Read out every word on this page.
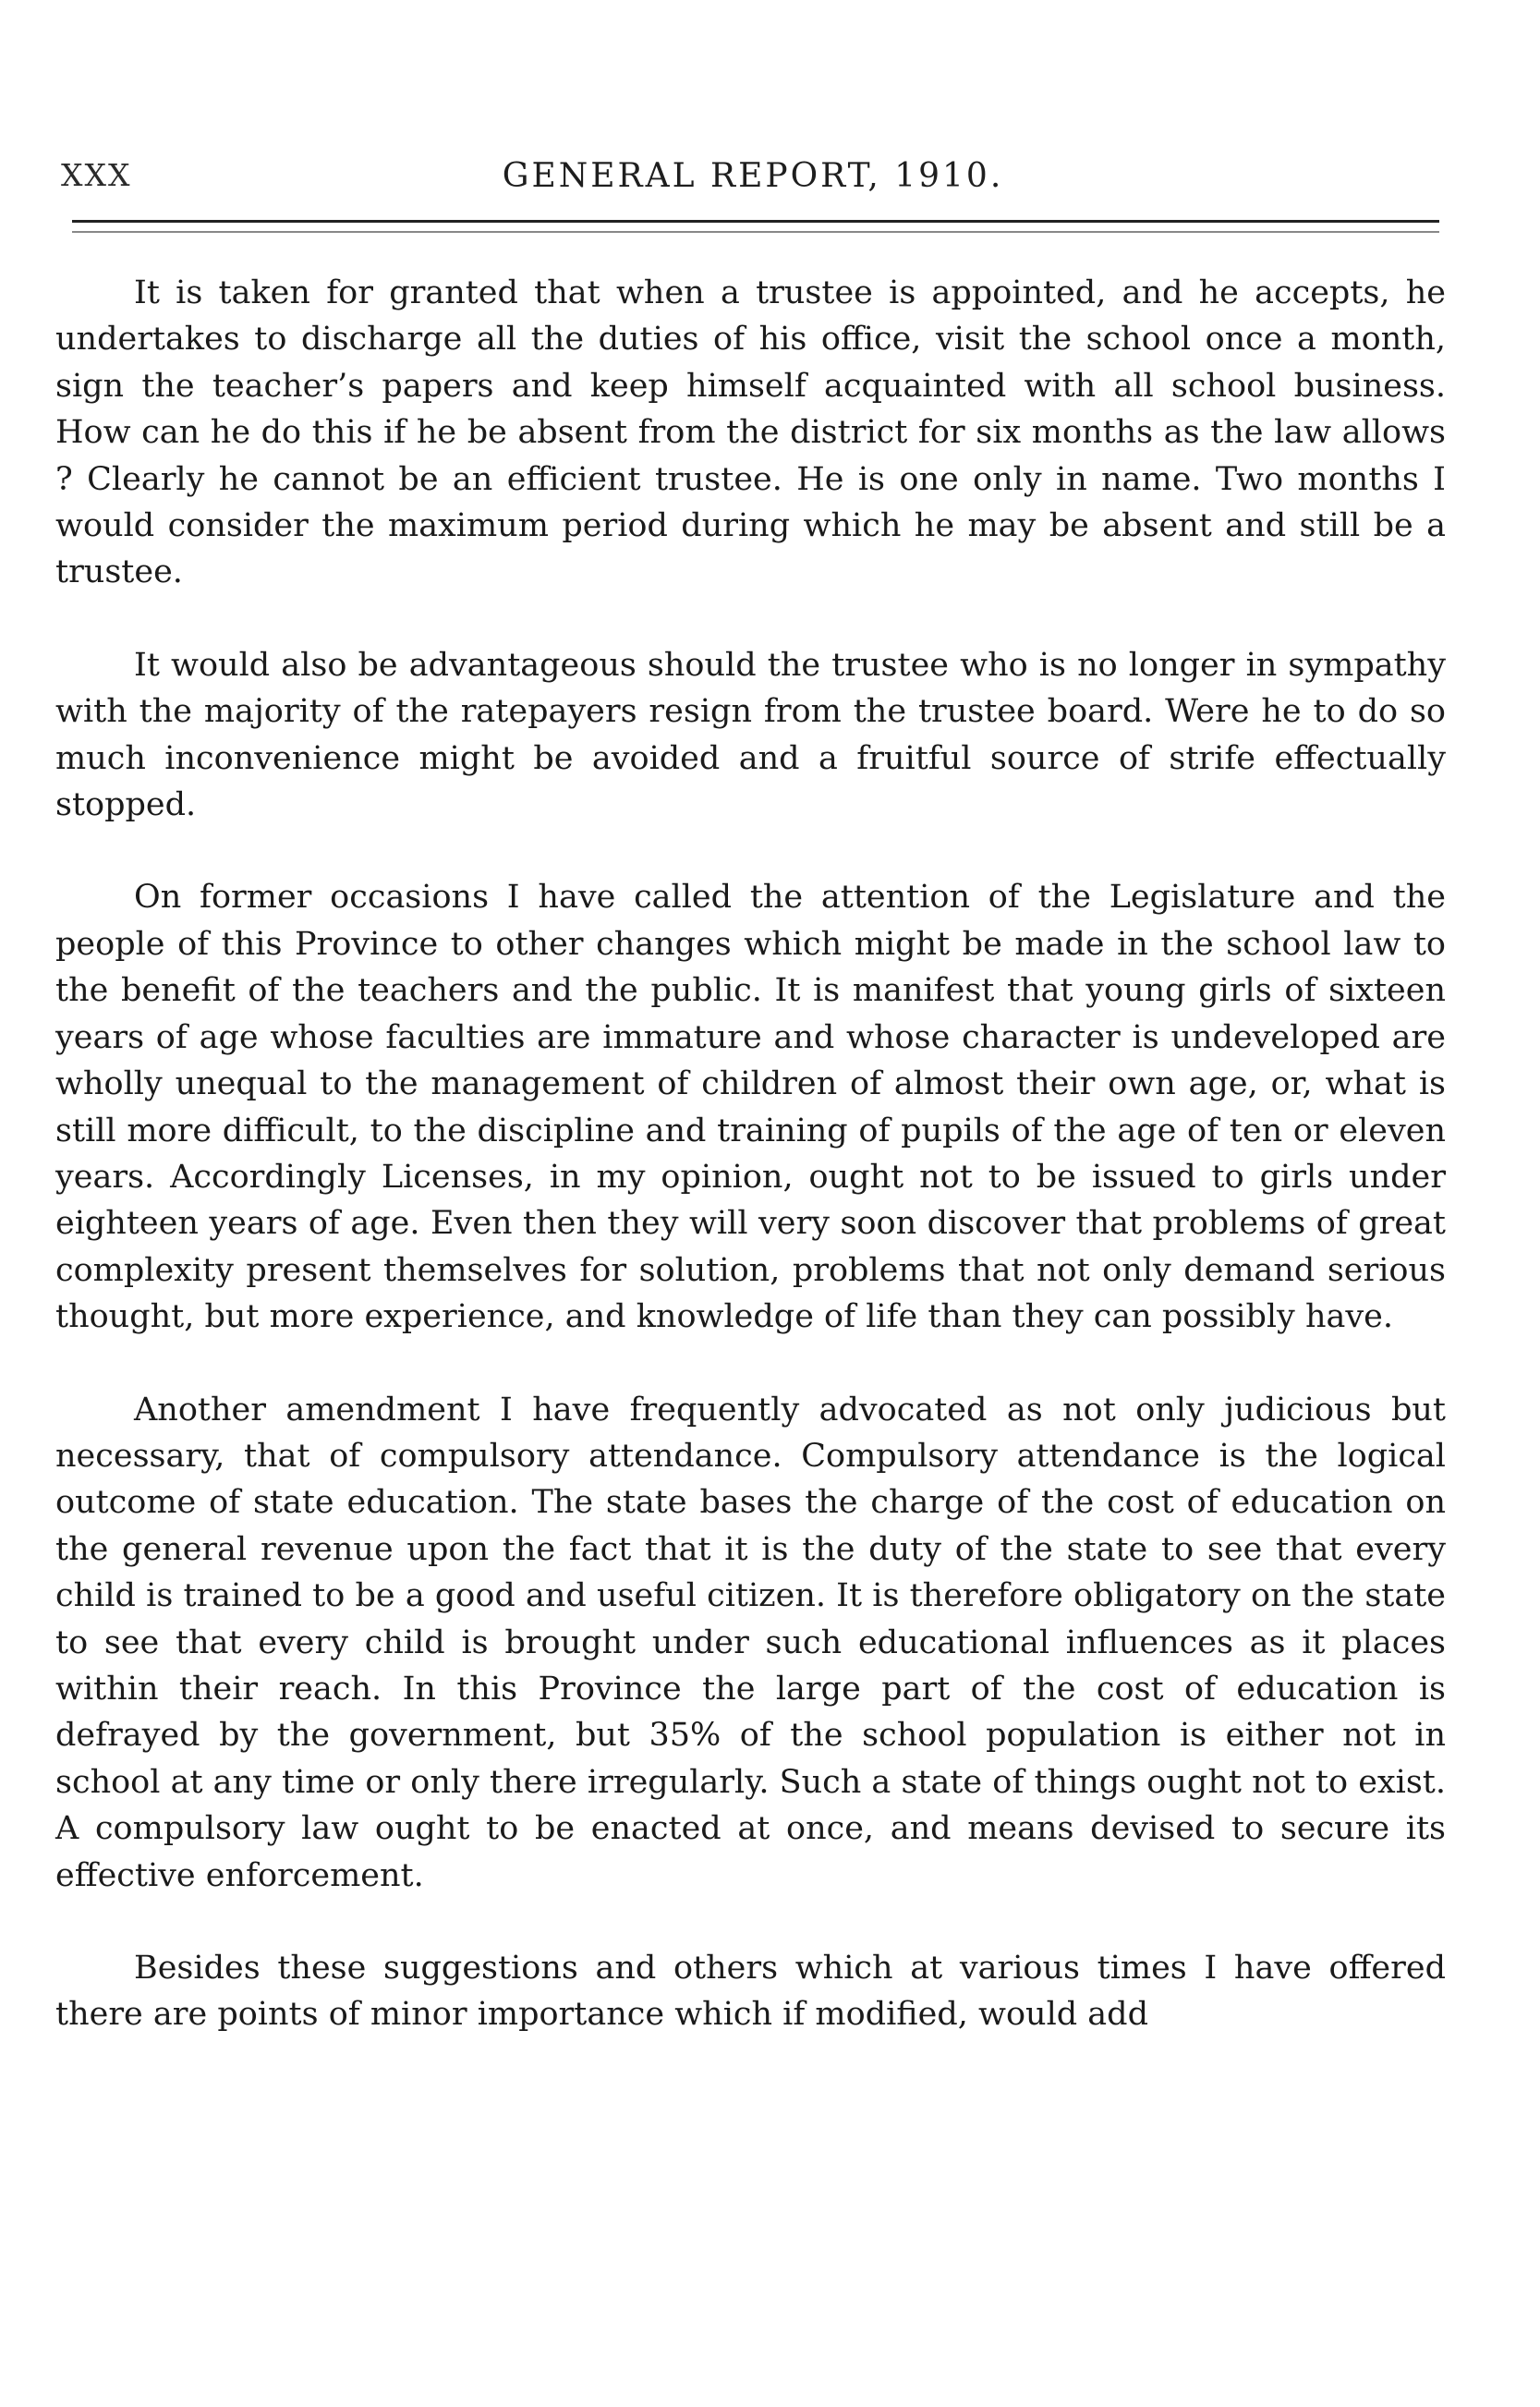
XXX	GENERAL REPORT, 1910.

It is taken for granted that when a trustee is appointed, and he accepts, he undertakes to discharge all the duties of his office, visit the school once a month, sign the teacher’s papers and keep himself acquainted with all school business. How can he do this if he be absent from the district for six months as the law allows ? Clearly he cannot be an efficient trustee. He is one only in name. Two months I would consider the maximum period during which he may be absent and still be a trustee.

It would also be advantageous should the trustee who is no longer in sympathy with the majority of the ratepayers resign from the trustee board. Were he to do so much inconvenience might be avoided and a fruitful source of strife effectually stopped.

On former occasions I have called the attention of the Legislature and the people of this Province to other changes which might be made in the school law to the benefit of the teachers and the public. It is manifest that young girls of sixteen years of age whose faculties are immature and whose character is undeveloped are wholly unequal to the management of children of almost their own age, or, what is still more difficult, to the discipline and training of pupils of the age of ten or eleven years. Accordingly Licenses, in my opinion, ought not to be issued to girls under eighteen years of age. Even then they will very soon discover that problems of great complexity present themselves for solution, problems that not only demand serious thought, but more experience, and knowledge of life than they can possibly have.

Another amendment I have frequently advocated as not only judicious but necessary, that of compulsory attendance. Compulsory attendance is the logical outcome of state education. The state bases the charge of the cost of education on the general revenue upon the fact that it is the duty of the state to see that every child is trained to be a good and useful citizen. It is therefore obligatory on the state to see that every child is brought under such educational influences as it places within their reach. In this Province the large part of the cost of education is defrayed by the government, but 35% of the school population is either not in school at any time or only there irregularly. Such a state of things ought not to exist. A compulsory law ought to be enacted at once, and means devised to secure its effective enforcement.

Besides these suggestions and others which at various times I have offered there are points of minor importance which if modified, would add
